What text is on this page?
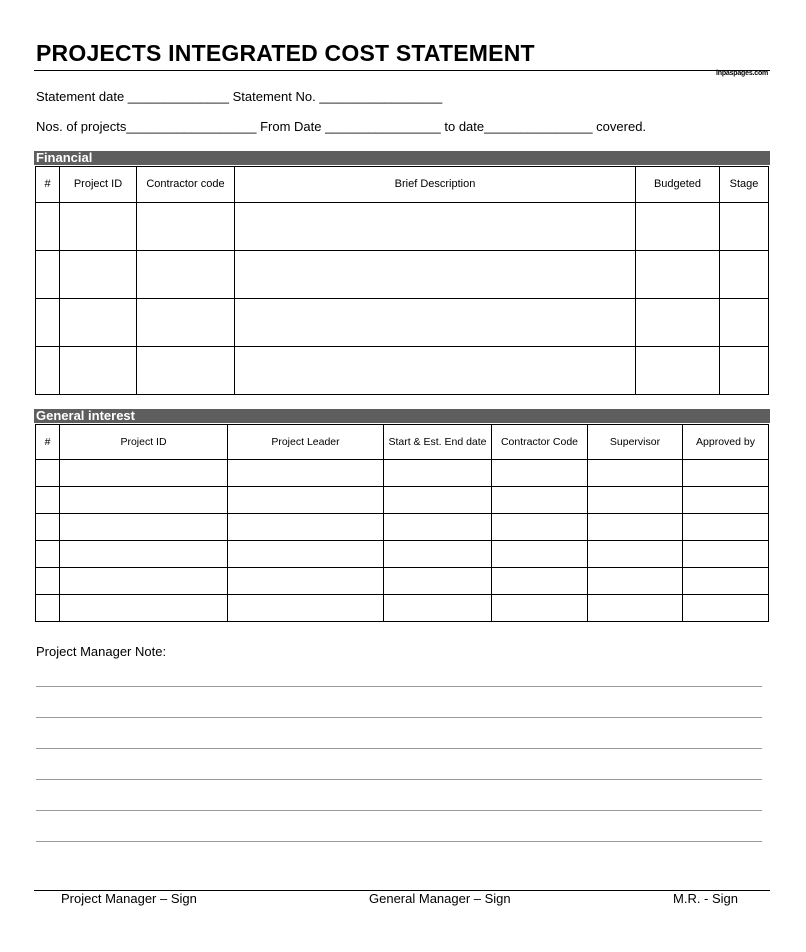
PROJECTS INTEGRATED COST STATEMENT
inpaspages.com
Statement date ______________ Statement No. _________________
Nos. of projects__________________ From Date ________________ to date_______________ covered.
Financial
#	Project ID	Contractor code	Brief Description	Budgeted	Stage

General interest
#	Project ID	Project Leader	Start & Est. End date	Contractor Code	Supervisor	Approved by

Project Manager Note:
Project Manager – Sign	General Manager – Sign	M.R. - Sign
